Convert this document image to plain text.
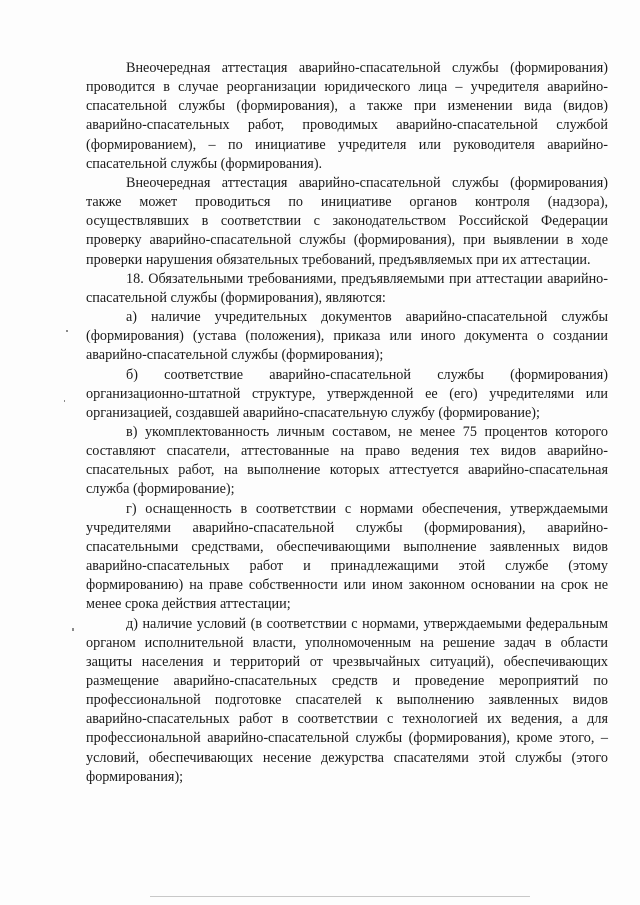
Внеочередная аттестация аварийно-спасательной службы (формирования) проводится в случае реорганизации юридического лица – учредителя аварийно-спасательной службы (формирования), а также при изменении вида (видов) аварийно-спасательных работ, проводимых аварийно-спасательной службой (формированием), – по инициативе учредителя или руководителя аварийно-спасательной службы (формирования).

Внеочередная аттестация аварийно-спасательной службы (формирования) также может проводиться по инициативе органов контроля (надзора), осуществлявших в соответствии с законодательством Российской Федерации проверку аварийно-спасательной службы (формирования), при выявлении в ходе проверки нарушения обязательных требований, предъявляемых при их аттестации.

18. Обязательными требованиями, предъявляемыми при аттестации аварийно-спасательной службы (формирования), являются:

а) наличие учредительных документов аварийно-спасательной службы (формирования) (устава (положения), приказа или иного документа о создании аварийно-спасательной службы (формирования);

б) соответствие аварийно-спасательной службы (формирования) организационно-штатной структуре, утвержденной ее (его) учредителями или организацией, создавшей аварийно-спасательную службу (формирование);

в) укомплектованность личным составом, не менее 75 процентов которого составляют спасатели, аттестованные на право ведения тех видов аварийно-спасательных работ, на выполнение которых аттестуется аварийно-спасательная служба (формирование);

г) оснащенность в соответствии с нормами обеспечения, утверждаемыми учредителями аварийно-спасательной службы (формирования), аварийно-спасательными средствами, обеспечивающими выполнение заявленных видов аварийно-спасательных работ и принадлежащими этой службе (этому формированию) на праве собственности или ином законном основании на срок не менее срока действия аттестации;

д) наличие условий (в соответствии с нормами, утверждаемыми федеральным органом исполнительной власти, уполномоченным на решение задач в области защиты населения и территорий от чрезвычайных ситуаций), обеспечивающих размещение аварийно-спасательных средств и проведение мероприятий по профессиональной подготовке спасателей к выполнению заявленных видов аварийно-спасательных работ в соответствии с технологией их ведения, а для профессиональной аварийно-спасательной службы (формирования), кроме этого, – условий, обеспечивающих несение дежурства спасателями этой службы (этого формирования);
